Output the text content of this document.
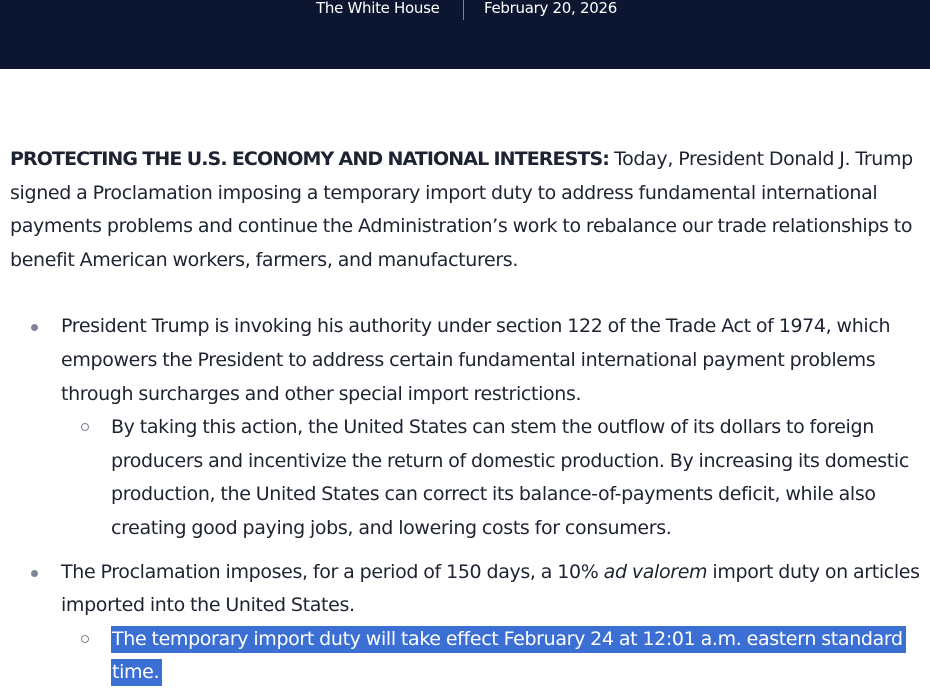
The White House	February 20, 2026

PROTECTING THE U.S. ECONOMY AND NATIONAL INTERESTS: Today, President Donald J. Trump signed a Proclamation imposing a temporary import duty to address fundamental international payments problems and continue the Administration’s work to rebalance our trade relationships to benefit American workers, farmers, and manufacturers.

President Trump is invoking his authority under section 122 of the Trade Act of 1974, which empowers the President to address certain fundamental international payment problems through surcharges and other special import restrictions.
By taking this action, the United States can stem the outflow of its dollars to foreign producers and incentivize the return of domestic production. By increasing its domestic production, the United States can correct its balance-of-payments deficit, while also creating good paying jobs, and lowering costs for consumers.
The Proclamation imposes, for a period of 150 days, a 10% ad valorem import duty on articles imported into the United States.
The temporary import duty will take effect February 24 at 12:01 a.m. eastern standard time.
